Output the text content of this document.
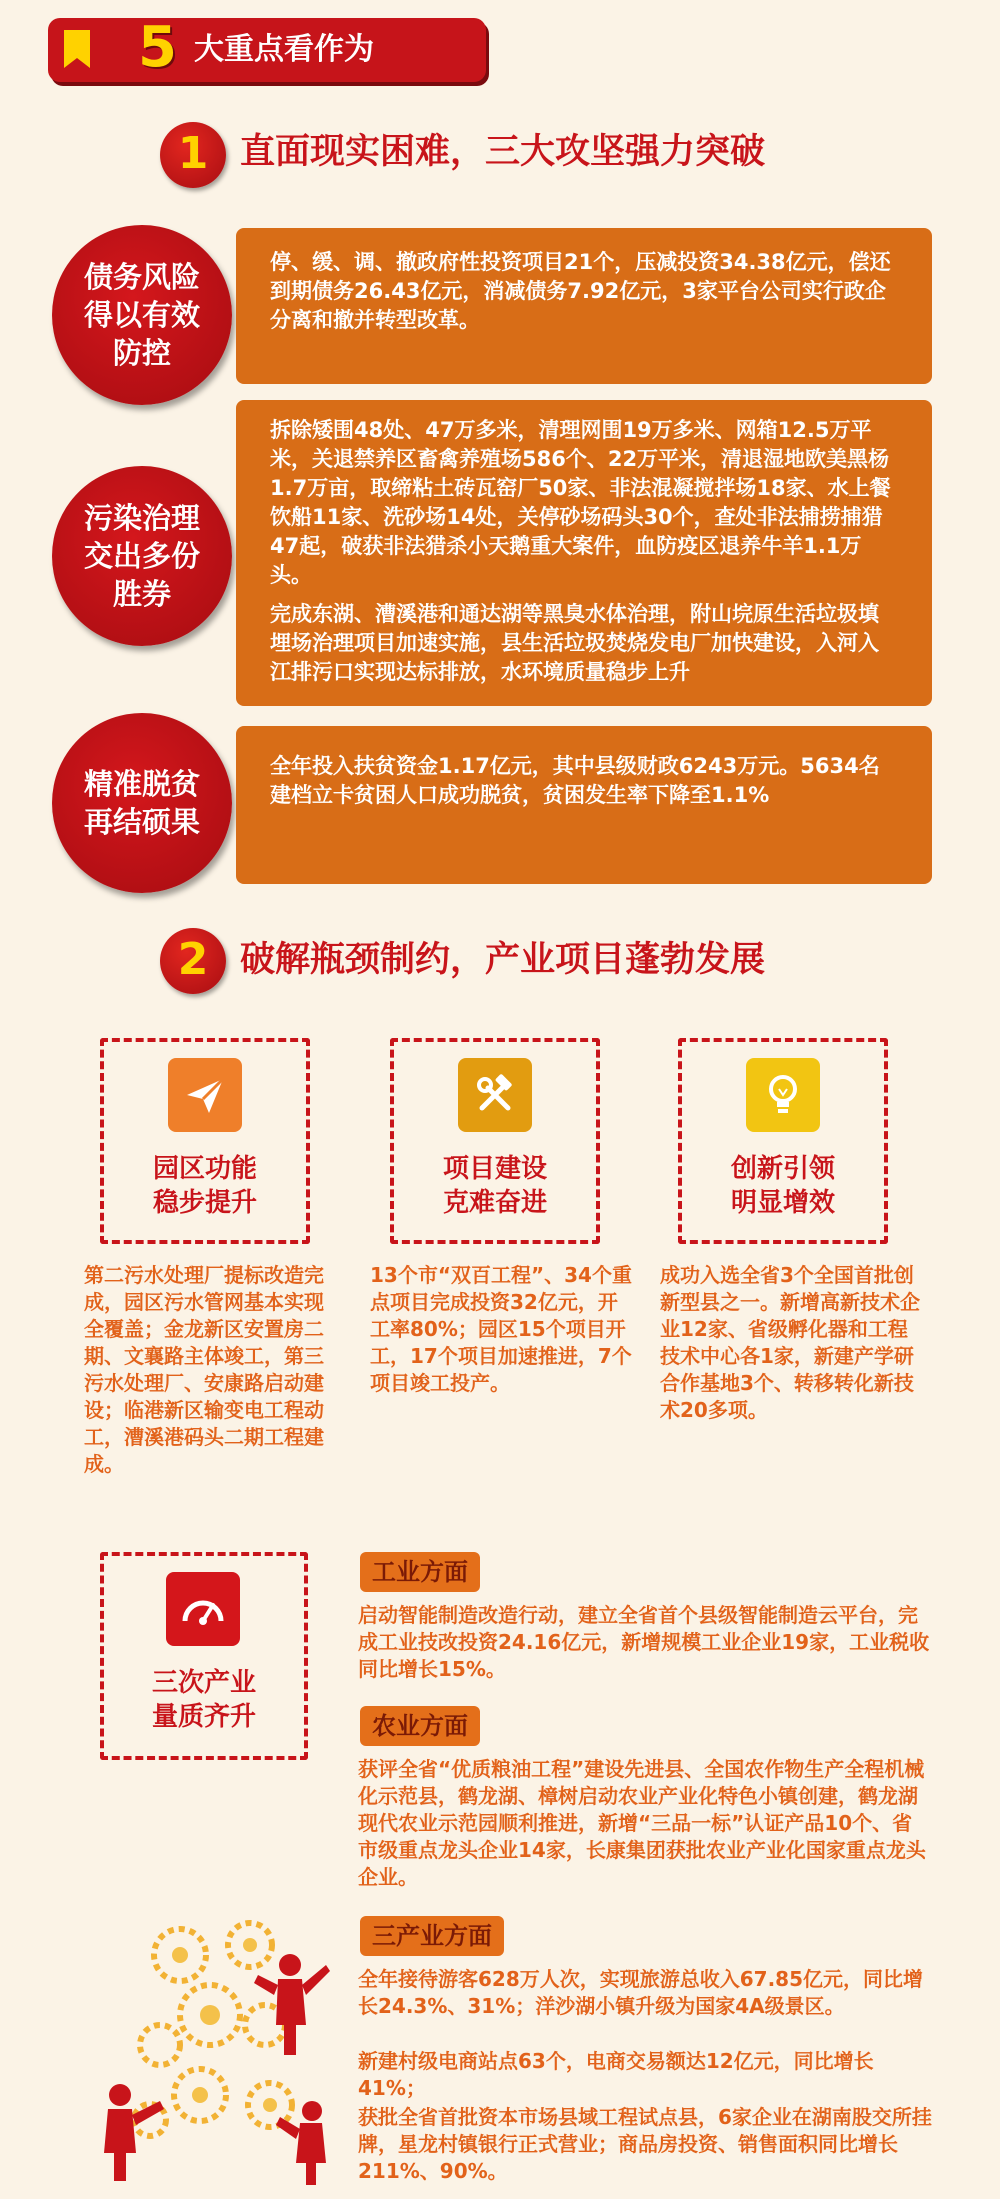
5 大重点看作为
1 直面现实困难，三大攻坚强力突破
债务风险得以有效防控

停、缓、调、撤政府性投资项目21个，压减投资34.38亿元，偿还到期债务26.43亿元，消减债务7.92亿元，3家平台公司实行政企分离和撤并转型改革。

污染治理交出多份胜券

拆除矮围48处、47万多米，清理网围19万多米、网箱12.5万平米，关退禁养区畜禽养殖场586个、22万平米，清退湿地欧美黑杨1.7万亩，取缔粘土砖瓦窑厂50家、非法混凝搅拌场18家、水上餐饮船11家、洗砂场14处，关停砂场码头30个，查处非法捕捞捕猎47起，破获非法猎杀小天鹅重大案件，血防疫区退养牛羊1.1万头。

完成东湖、漕溪港和通达湖等黑臭水体治理，附山垸原生活垃圾填埋场治理项目加速实施，县生活垃圾焚烧发电厂加快建设，入河入江排污口实现达标排放，水环境质量稳步上升

精准脱贫再结硕果

全年投入扶贫资金1.17亿元，其中县级财政6243万元。5634名建档立卡贫困人口成功脱贫，贫困发生率下降至1.1%

2 破解瓶颈制约，产业项目蓬勃发展
园区功能稳步提升
项目建设克难奋进
创新引领明显增效
第二污水处理厂提标改造完成，园区污水管网基本实现全覆盖；金龙新区安置房二期、文襄路主体竣工，第三污水处理厂、安康路启动建设；临港新区输变电工程动工，漕溪港码头二期工程建成。
13个市“双百工程”、34个重点项目完成投资32亿元，开工率80%；园区15个项目开工，17个项目加速推进，7个项目竣工投产。
成功入选全省3个全国首批创新型县之一。新增高新技术企业12家、省级孵化器和工程技术中心各1家，新建产学研合作基地3个、转移转化新技术20多项。
三次产业量质齐升
工业方面
启动智能制造改造行动，建立全省首个县级智能制造云平台，完成工业技改投资24.16亿元，新增规模工业企业19家，工业税收同比增长15%。
农业方面
获评全省“优质粮油工程”建设先进县、全国农作物生产全程机械化示范县，鹤龙湖、樟树启动农业产业化特色小镇创建，鹤龙湖现代农业示范园顺利推进，新增“三品一标”认证产品10个、省市级重点龙头企业14家，长康集团获批农业产业化国家重点龙头企业。
三产业方面
全年接待游客628万人次，实现旅游总收入67.85亿元，同比增长24.3%、31%；洋沙湖小镇升级为国家4A级景区。
新建村级电商站点63个，电商交易额达12亿元，同比增长41%；
获批全省首批资本市场县域工程试点县，6家企业在湖南股交所挂牌，星龙村镇银行正式营业；商品房投资、销售面积同比增长211%、90%。
